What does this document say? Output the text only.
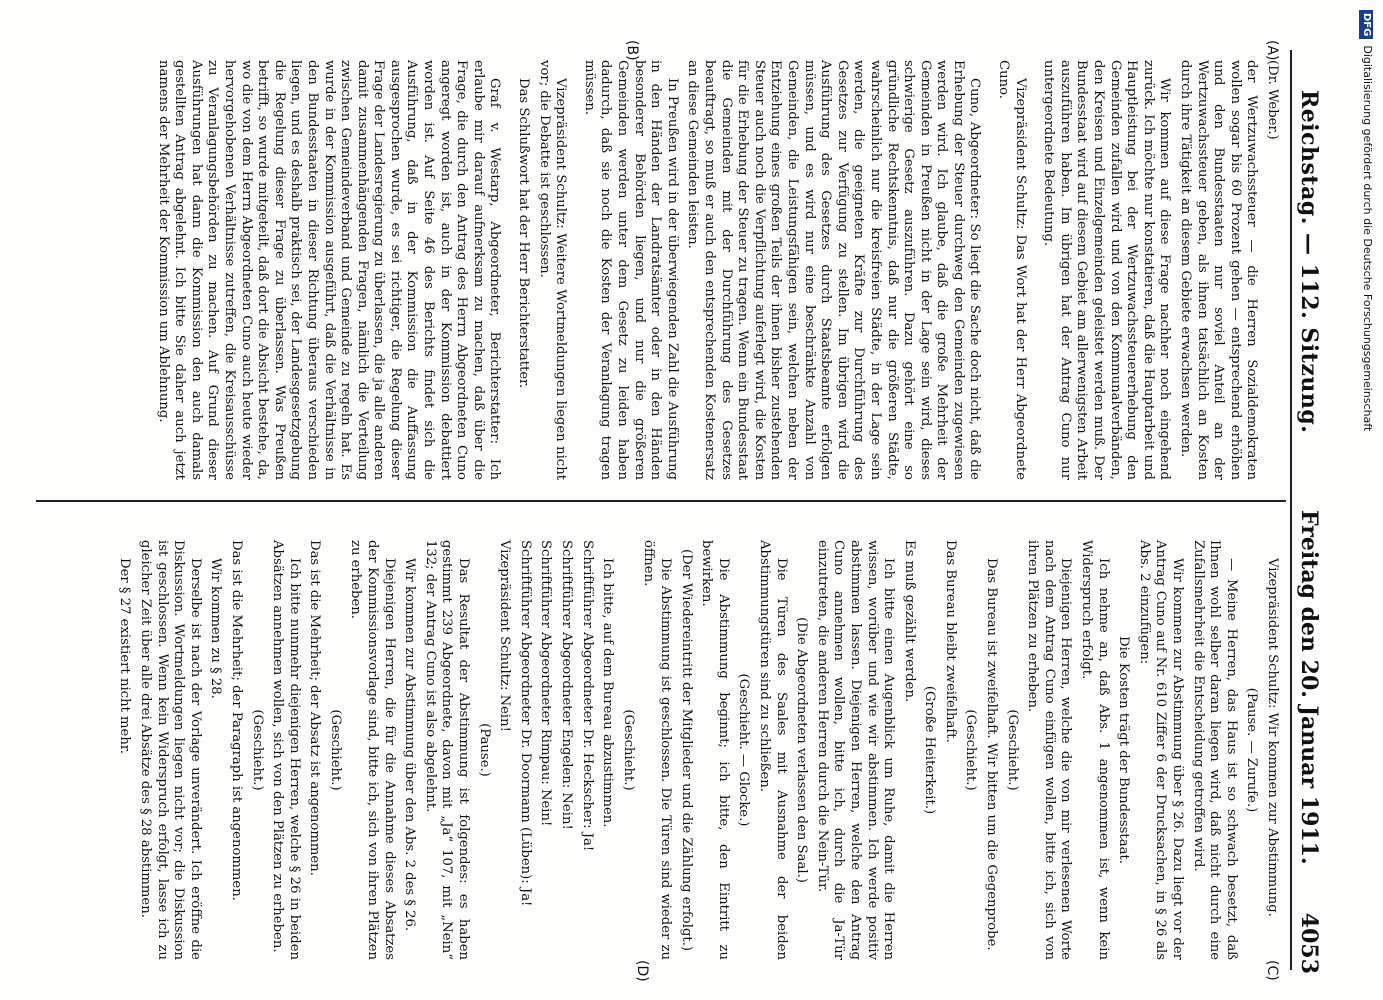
Reichstag. — 112. Sitzung.
Freitag den 20. Januar 1911.
4053
(A)
(B)

(Dr. Weber.)

der Wertzuwachssteuer — die Herren Sozialdemokraten wollen sogar bis 60 Prozent gehen — entsprechend erhöhen und den Bundesstaaten nur soviel Anteil an der Wertzuwachssteuer geben, als ihnen tatsächlich an Kosten durch ihre Tätigkeit an diesem Gebiete erwachsen werden.

Wir kommen auf diese Frage nachher noch eingehend zurück. Ich möchte nur konstatieren, daß die Hauptarbeit und Hauptleistung bei der Wertzuwachssteuererhebung den Gemeinden zufallen wird und von den Kommunalverbänden, den Kreisen und Einzelgemeinden geleistet werden muß. Der Bundesstaat wird auf diesem Gebiet am allerwenigsten Arbeit auszuführen haben. Im übrigen hat der Antrag Cuno nur untergeordnete Bedeutung.

Vizepräsident Schultz: Das Wort hat der Herr Abgeordnete Cuno.

Cuno, Abgeordneter: So liegt die Sache doch nicht, daß die Erhebung der Steuer durchweg den Gemeinden zugewiesen werden wird. Ich glaube, daß die große Mehrheit der Gemeinden in Preußen nicht in der Lage sein wird, dieses schwierige Gesetz auszuführen. Dazu gehört eine so gründliche Rechtskenntnis, daß nur die größeren Städte, wahrscheinlich nur die kreisfreien Städte, in der Lage sein werden, die geeigneten Kräfte zur Durchführung des Gesetzes zur Verfügung zu stellen. Im übrigen wird die Ausführung des Gesetzes durch Staatsbeamte erfolgen müssen, und es wird nur eine beschränkte Anzahl von Gemeinden, die Leistungsfähigen sein, welchen neben der Entziehung eines großen Teils der ihnen bisher zustehenden Steuer auch noch die Verpflichtung auferlegt wird, die Kosten für die Erhebung der Steuer zu tragen. Wenn ein Bundesstaat die Gemeinden mit der Durchführung des Gesetzes beauftragt, so muß er auch den entsprechenden Kostenersatz an diese Gemeinden leisten.

In Preußen wird in der überwiegenden Zahl die Ausführung in den Händen der Landratsämter oder in den Händen besonderer Behörden liegen, und nur die größeren Gemeinden werden unter dem Gesetz zu leiden haben dadurch, daß sie noch die Kosten der Veranlagung tragen müssen.

Vizepräsident Schultz: Weitere Wortmeldungen liegen nicht vor; die Debatte ist geschlossen.

Das Schlußwort hat der Herr Berichterstatter.

Graf v. Westarp, Abgeordneter, Berichterstatter: Ich erlaube mir darauf aufmerksam zu machen, daß über die Frage, die durch den Antrag des Herrn Abgeordneten Cuno angeregt worden ist, auch in der Kommission debattiert worden ist. Auf Seite 46 des Berichts findet sich die Ausführung, daß in der Kommission die Auffassung ausgesprochen wurde, es sei richtiger, die Regelung dieser Frage der Landesregierung zu überlassen, die ja alle anderen damit zusammenhängenden Fragen, nämlich die Verteilung zwischen Gemeindeverband und Gemeinde zu regeln hat. Es wurde in der Kommission ausgeführt, daß die Verhältnisse in den Bundesstaaten in dieser Richtung überaus verschieden liegen, und es deshalb praktisch sei, der Landesgesetzgebung die Regelung dieser Frage zu überlassen. Was Preußen betrifft, so wurde mitgeteilt, daß dort die Absicht bestehe, da, wo die von dem Herrn Abgeordneten Cuno auch heute wieder hervorgehobenen Verhältnisse zutreffen, die Kreisausschüsse zu Veranlagungsbehörden zu machen. Auf Grund dieser Ausführungen hat dann die Kommission den auch damals gestellten Antrag abgelehnt. Ich bitte Sie daher auch jetzt namens der Mehrheit der Kommission um Ablehnung.

Vizepräsident Schultz: Wir kommen zur Abstimmung.

(Pause. — Zurufe.)

— Meine Herren, das Haus ist so schwach besetzt, daß Ihnen wohl selber daran liegen wird, daß nicht durch eine Zufallsmehrheit die Entscheidung getroffen wird.

Wir kommen zur Abstimmung über § 26. Dazu liegt vor der Antrag Cuno auf Nr. 610 Ziffer 6 der Drucksachen, in § 26 als Abs. 2 einzufügen:

Die Kosten trägt der Bundesstaat.

Ich nehme an, daß Abs. 1 angenommen ist, wenn kein Widerspruch erfolgt.

Diejenigen Herren, welche die von mir verlesenen Worte nach dem Antrag Cuno einfügen wollen, bitte ich, sich von ihren Plätzen zu erheben.

(Geschieht.)

Das Bureau ist zweifelhaft. Wir bitten um die Gegenprobe.

(Geschieht.)

Das Bureau bleibt zweifelhaft.

(Große Heiterkeit.)

Es muß gezählt werden.

Ich bitte einen Augenblick um Ruhe, damit die Herren wissen, worüber und wie wir abstimmen. Ich werde positiv abstimmen lassen. Diejenigen Herren, welche den Antrag Cuno annehmen wollen, bitte ich, durch die Ja-Tür einzutreten, die anderen Herren durch die Nein-Tür.

(Die Abgeordneten verlassen den Saal.)

Die Türen des Saales mit Ausnahme der beiden Abstimmungstüren sind zu schließen.

(Geschieht. — Glocke.)

Die Abstimmung beginnt; ich bitte, den Eintritt zu bewirken.

(Der Wiedereintritt der Mitglieder und die Zählung erfolgt.)

Die Abstimmung ist geschlossen. Die Türen sind wieder zu öffnen.

(Geschieht.)

Ich bitte, auf dem Bureau abzustimmen.

Schriftführer Abgeordneter Dr. Heckscher: Ja!

Schriftführer Abgeordneter Engelen: Nein!

Schriftführer Abgeordneter Rimpau: Nein!

Schriftführer Abgeordneter Dr. Doormann (Lüben): Ja!

Vizepräsident Schultz: Nein!

(Pause.)

Das Resultat der Abstimmung ist folgendes: es haben gestimmt 239 Abgeordnete, davon mit „Ja“ 107, mit „Nein“ 132; der Antrag Cuno ist also abgelehnt.

Wir kommen zur Abstimmung über den Abs. 2 des § 26.

Diejenigen Herren, die für die Annahme dieses Absatzes der Kommissionsvorlage sind, bitte ich, sich von ihren Plätzen zu erheben.

(Geschieht.)

Das ist die Mehrheit; der Absatz ist angenommen.

Ich bitte nunmehr diejenigen Herren, welche § 26 in beiden Absätzen annehmen wollen, sich von den Plätzen zu erheben.

(Geschieht.)

Das ist die Mehrheit; der Paragraph ist angenommen.

Wir kommen zu § 28.

Derselbe ist nach der Vorlage unverändert. Ich eröffne die Diskussion. Wortmeldungen liegen nicht vor; die Diskussion ist geschlossen. Wenn kein Widerspruch erfolgt, lasse ich zu gleicher Zeit über alle drei Absätze des § 28 abstimmen.

Der § 27 existiert nicht mehr.

(C)
(D)
DFGDigitalisierung gefördert durch die Deutsche Forschungsgemeinschaft
